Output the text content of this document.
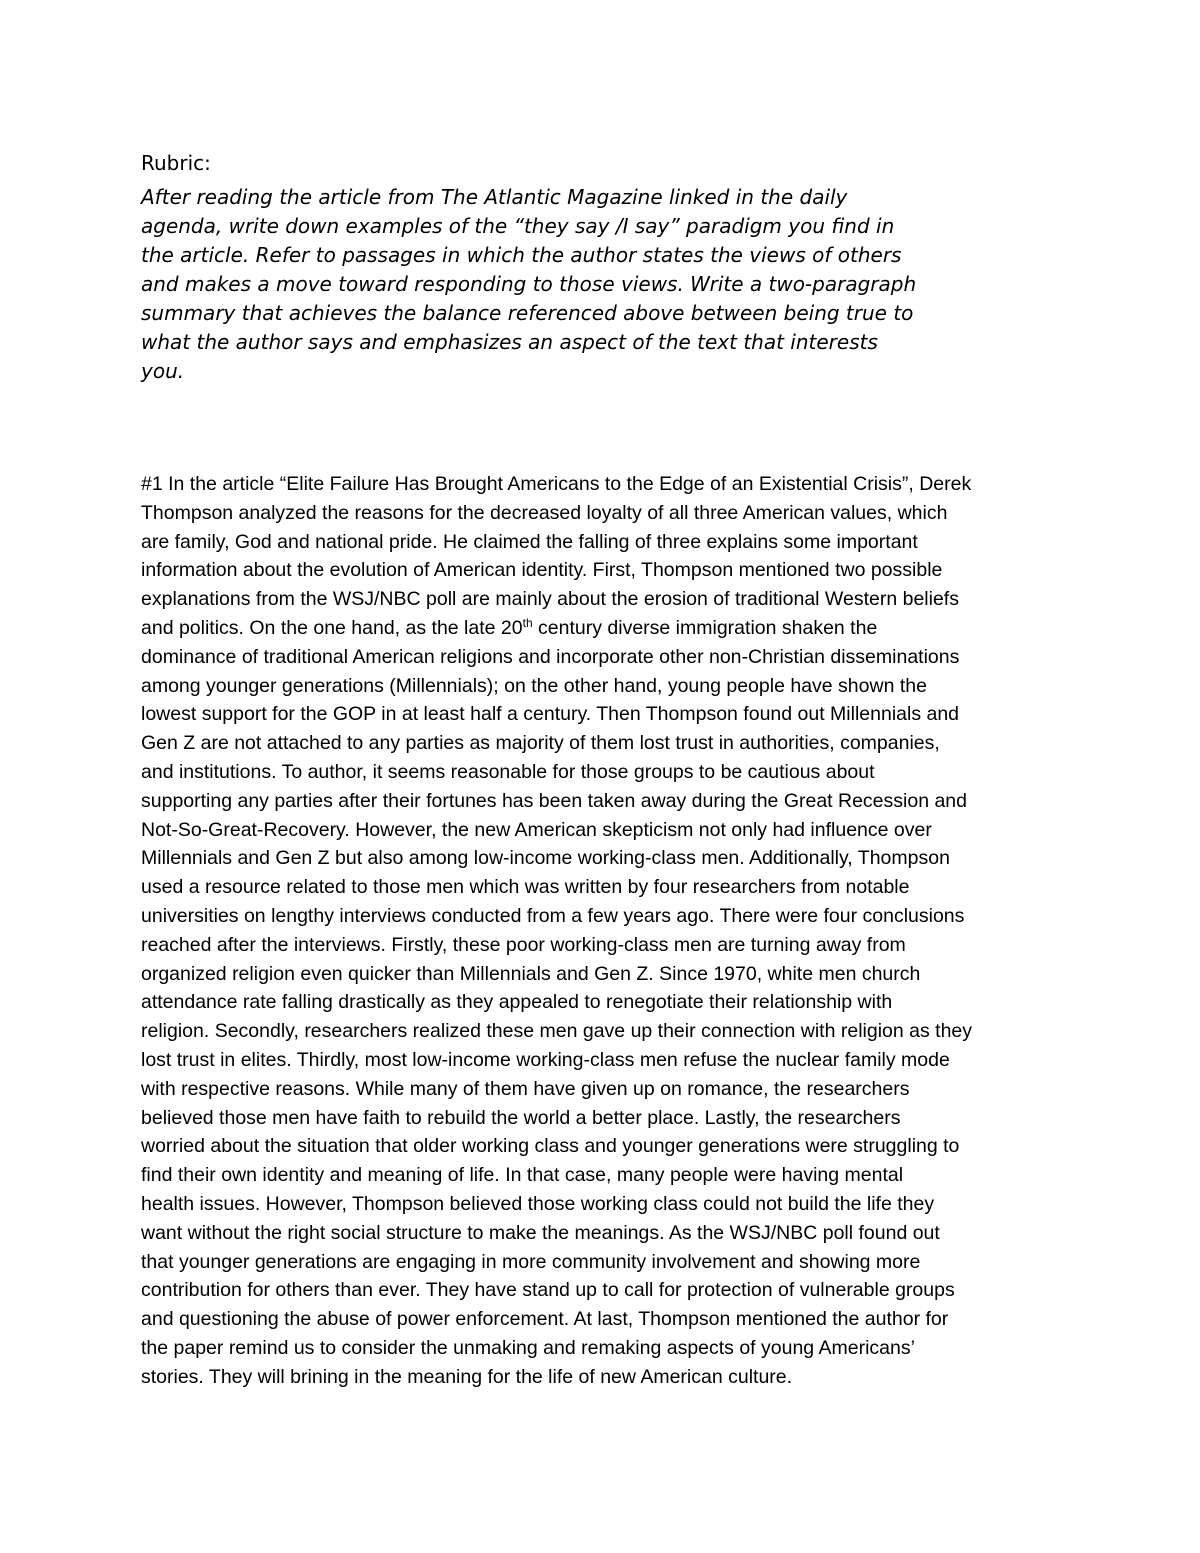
Rubric:
After reading the article from The Atlantic Magazine linked in the daily
agenda, write down examples of the “they say /I say” paradigm you find in
the article. Refer to passages in which the author states the views of others
and makes a move toward responding to those views. Write a two-paragraph
summary that achieves the balance referenced above between being true to
what the author says and emphasizes an aspect of the text that interests
you.
#1 In the article “Elite Failure Has Brought Americans to the Edge of an Existential Crisis”, Derek
Thompson analyzed the reasons for the decreased loyalty of all three American values, which
are family, God and national pride. He claimed the falling of three explains some important
information about the evolution of American identity. First, Thompson mentioned two possible
explanations from the WSJ/NBC poll are mainly about the erosion of traditional Western beliefs
and politics. On the one hand, as the late 20th century diverse immigration shaken the
dominance of traditional American religions and incorporate other non-Christian disseminations
among younger generations (Millennials); on the other hand, young people have shown the
lowest support for the GOP in at least half a century. Then Thompson found out Millennials and
Gen Z are not attached to any parties as majority of them lost trust in authorities, companies,
and institutions. To author, it seems reasonable for those groups to be cautious about
supporting any parties after their fortunes has been taken away during the Great Recession and
Not-So-Great-Recovery. However, the new American skepticism not only had influence over
Millennials and Gen Z but also among low-income working-class men. Additionally, Thompson
used a resource related to those men which was written by four researchers from notable
universities on lengthy interviews conducted from a few years ago. There were four conclusions
reached after the interviews. Firstly, these poor working-class men are turning away from
organized religion even quicker than Millennials and Gen Z. Since 1970, white men church
attendance rate falling drastically as they appealed to renegotiate their relationship with
religion. Secondly, researchers realized these men gave up their connection with religion as they
lost trust in elites. Thirdly, most low-income working-class men refuse the nuclear family mode
with respective reasons. While many of them have given up on romance, the researchers
believed those men have faith to rebuild the world a better place. Lastly, the researchers
worried about the situation that older working class and younger generations were struggling to
find their own identity and meaning of life. In that case, many people were having mental
health issues. However, Thompson believed those working class could not build the life they
want without the right social structure to make the meanings. As the WSJ/NBC poll found out
that younger generations are engaging in more community involvement and showing more
contribution for others than ever. They have stand up to call for protection of vulnerable groups
and questioning the abuse of power enforcement. At last, Thompson mentioned the author for
the paper remind us to consider the unmaking and remaking aspects of young Americans’
stories. They will brining in the meaning for the life of new American culture.
